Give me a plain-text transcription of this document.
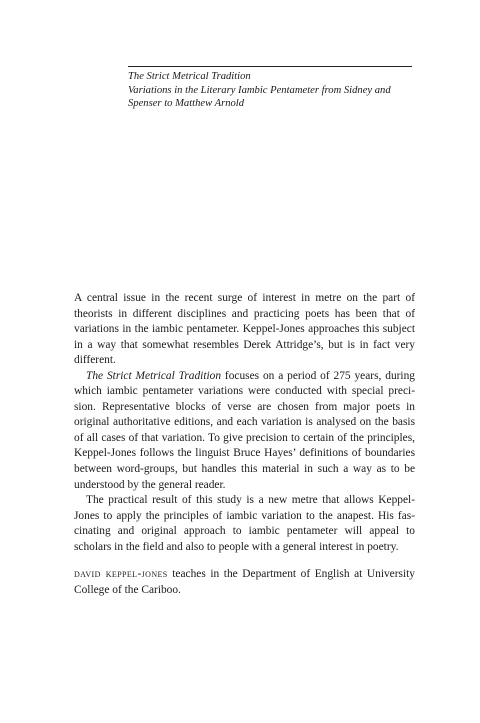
The Strict Metrical Tradition
Variations in the Literary Iambic Pentameter from Sidney and
Spenser to Matthew Arnold

A central issue in the recent surge of interest in metre on the part of theorists in different disciplines and practicing poets has been that of variations in the iambic pentameter. Keppel-Jones approaches this subject in a way that somewhat resembles Derek Attridge’s, but is in fact very different.

The Strict Metrical Tradition focuses on a period of 275 years, during which iambic pentameter variations were conducted with special precision. Representative blocks of verse are chosen from major poets in original authoritative editions, and each variation is analysed on the basis of all cases of that variation. To give precision to certain of the principles, Keppel-Jones follows the linguist Bruce Hayes’ definitions of boundaries between word-groups, but handles this material in such a way as to be understood by the general reader.

The practical result of this study is a new metre that allows Keppel-Jones to apply the principles of iambic variation to the anapest. His fascinating and original approach to iambic pentameter will appeal to scholars in the field and also to people with a general interest in poetry.

david keppel-jones teaches in the Department of English at University College of the Cariboo.
